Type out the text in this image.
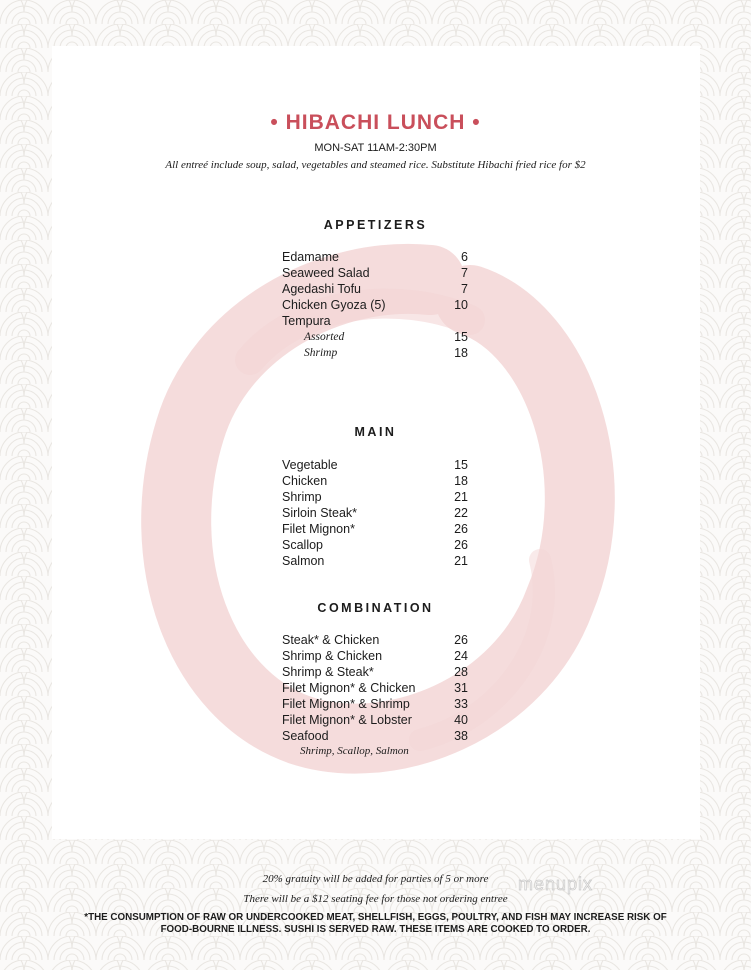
• HIBACHI LUNCH •
MON-SAT 11AM-2:30PM
All entreé include soup, salad, vegetables and steamed rice. Substitute Hibachi fried rice for $2
APPETIZERS
Edamame	6
Seaweed Salad	7
Agedashi Tofu	7
Chicken Gyoza (5)	10
Tempura
Assorted	15
Shrimp	18
MAIN
Vegetable	15
Chicken	18
Shrimp	21
Sirloin Steak*	22
Filet Mignon*	26
Scallop	26
Salmon	21
COMBINATION
Steak* & Chicken	26
Shrimp & Chicken	24
Shrimp & Steak*	28
Filet Mignon* & Chicken	31
Filet Mignon* & Shrimp	33
Filet Mignon* & Lobster	40
Seafood	38
Shrimp, Scallop, Salmon
20% gratuity will be added for parties of 5 or more
There will be a $12 seating fee for those not ordering entree
*THE CONSUMPTION OF RAW OR UNDERCOOKED MEAT, SHELLFISH, EGGS, POULTRY, AND FISH MAY INCREASE RISK OF FOOD-BOURNE ILLNESS. SUSHI IS SERVED RAW. THESE ITEMS ARE COOKED TO ORDER.
menupix
